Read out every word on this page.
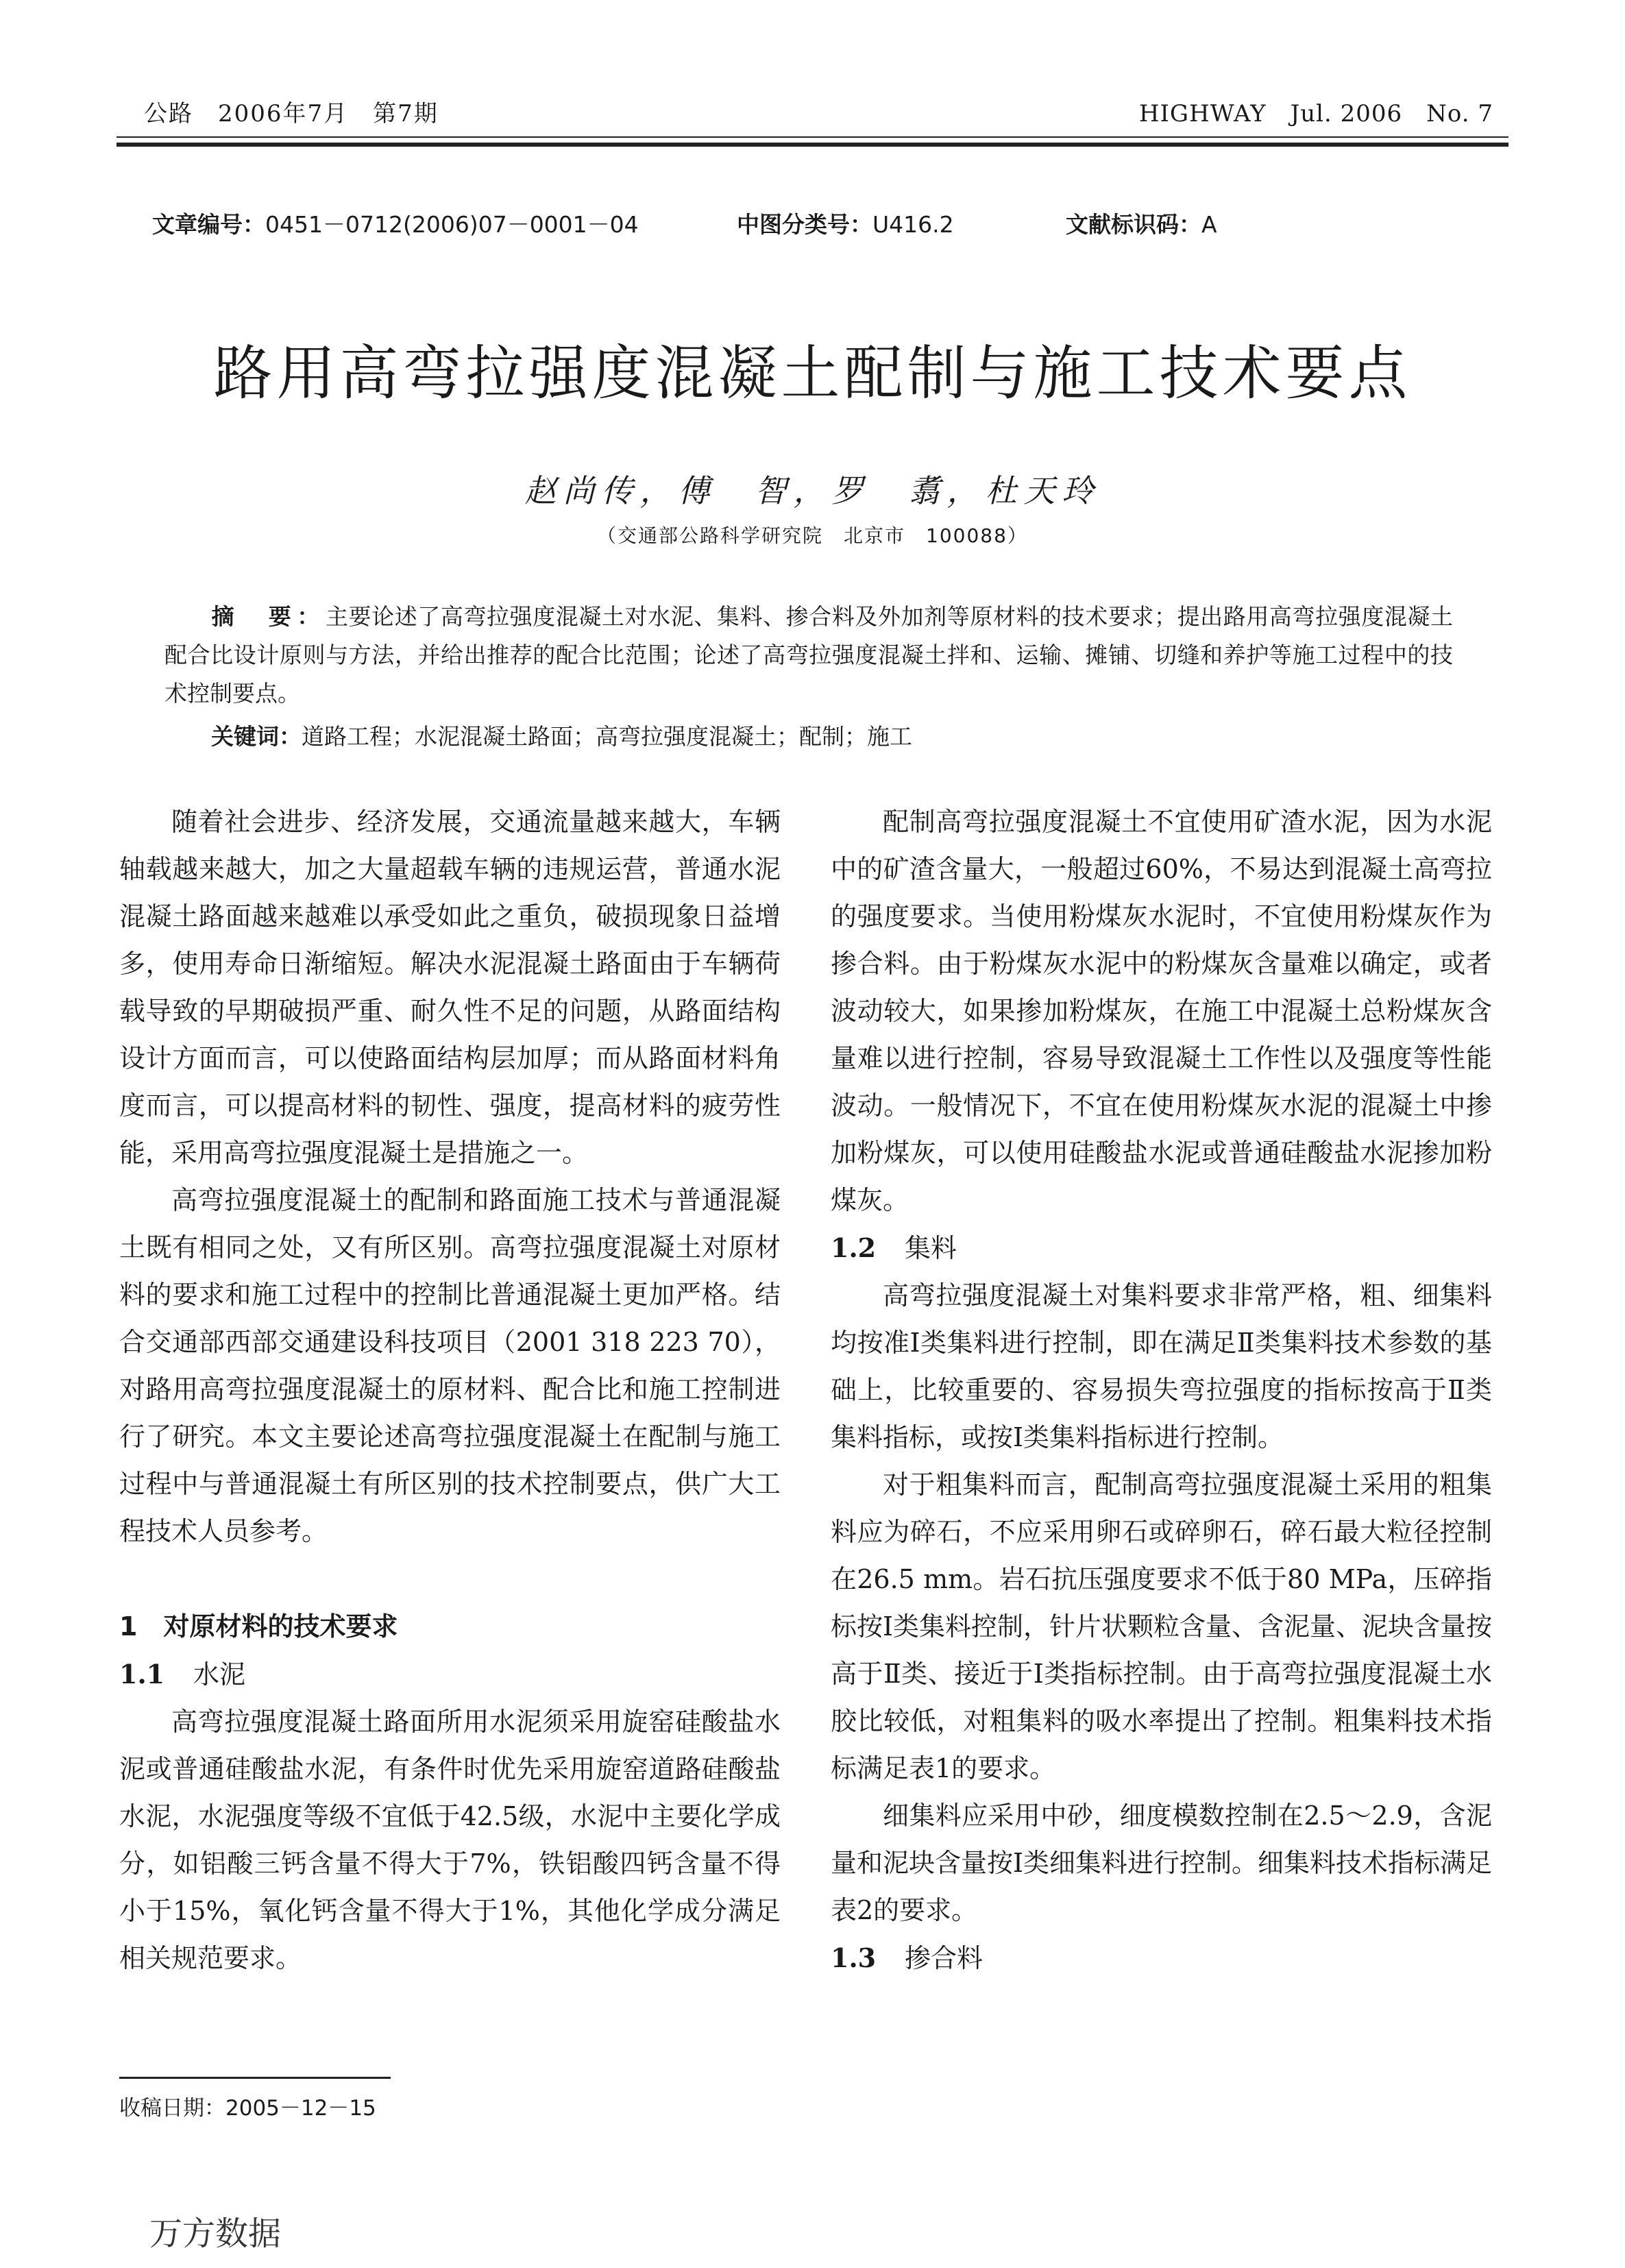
公路　2006年7月　第7期	HIGHWAY　Jul. 2006　No. 7
文章编号：0451－0712(2006)07－0001－04	中图分类号：U416.2	文献标识码：A
路用高弯拉强度混凝土配制与施工技术要点
赵尚传，傅　智，罗　翥，杜天玲
（交通部公路科学研究院　北京市　100088）
摘　要：主要论述了高弯拉强度混凝土对水泥、集料、掺合料及外加剂等原材料的技术要求；提出路用高弯拉强度混凝土配合比设计原则与方法，并给出推荐的配合比范围；论述了高弯拉强度混凝土拌和、运输、摊铺、切缝和养护等施工过程中的技术控制要点。
关键词：道路工程；水泥混凝土路面；高弯拉强度混凝土；配制；施工

随着社会进步、经济发展，交通流量越来越大，车辆轴载越来越大，加之大量超载车辆的违规运营，普通水泥混凝土路面越来越难以承受如此之重负，破损现象日益增多，使用寿命日渐缩短。解决水泥混凝土路面由于车辆荷载导致的早期破损严重、耐久性不足的问题，从路面结构设计方面而言，可以使路面结构层加厚；而从路面材料角度而言，可以提高材料的韧性、强度，提高材料的疲劳性能，采用高弯拉强度混凝土是措施之一。

高弯拉强度混凝土的配制和路面施工技术与普通混凝土既有相同之处，又有所区别。高弯拉强度混凝土对原材料的要求和施工过程中的控制比普通混凝土更加严格。结合交通部西部交通建设科技项目（2001 318 223 70），对路用高弯拉强度混凝土的原材料、配合比和施工控制进行了研究。本文主要论述高弯拉强度混凝土在配制与施工过程中与普通混凝土有所区别的技术控制要点，供广大工程技术人员参考。

1　对原材料的技术要求

1.1 水泥

高弯拉强度混凝土路面所用水泥须采用旋窑硅酸盐水泥或普通硅酸盐水泥，有条件时优先采用旋窑道路硅酸盐水泥，水泥强度等级不宜低于42.5级，水泥中主要化学成分，如铝酸三钙含量不得大于7%，铁铝酸四钙含量不得小于15%，氧化钙含量不得大于1%，其他化学成分满足相关规范要求。

配制高弯拉强度混凝土不宜使用矿渣水泥，因为水泥中的矿渣含量大，一般超过60%，不易达到混凝土高弯拉的强度要求。当使用粉煤灰水泥时，不宜使用粉煤灰作为掺合料。由于粉煤灰水泥中的粉煤灰含量难以确定，或者波动较大，如果掺加粉煤灰，在施工中混凝土总粉煤灰含量难以进行控制，容易导致混凝土工作性以及强度等性能波动。一般情况下，不宜在使用粉煤灰水泥的混凝土中掺加粉煤灰，可以使用硅酸盐水泥或普通硅酸盐水泥掺加粉煤灰。

1.2 集料

高弯拉强度混凝土对集料要求非常严格，粗、细集料均按准Ⅰ类集料进行控制，即在满足Ⅱ类集料技术参数的基础上，比较重要的、容易损失弯拉强度的指标按高于Ⅱ类集料指标，或按Ⅰ类集料指标进行控制。

对于粗集料而言，配制高弯拉强度混凝土采用的粗集料应为碎石，不应采用卵石或碎卵石，碎石最大粒径控制在26.5 mm。岩石抗压强度要求不低于80 MPa，压碎指标按Ⅰ类集料控制，针片状颗粒含量、含泥量、泥块含量按高于Ⅱ类、接近于Ⅰ类指标控制。由于高弯拉强度混凝土水胶比较低，对粗集料的吸水率提出了控制。粗集料技术指标满足表1的要求。

细集料应采用中砂，细度模数控制在2.5～2.9，含泥量和泥块含量按Ⅰ类细集料进行控制。细集料技术指标满足表2的要求。

1.3 掺合料

收稿日期：2005－12－15
万方数据
